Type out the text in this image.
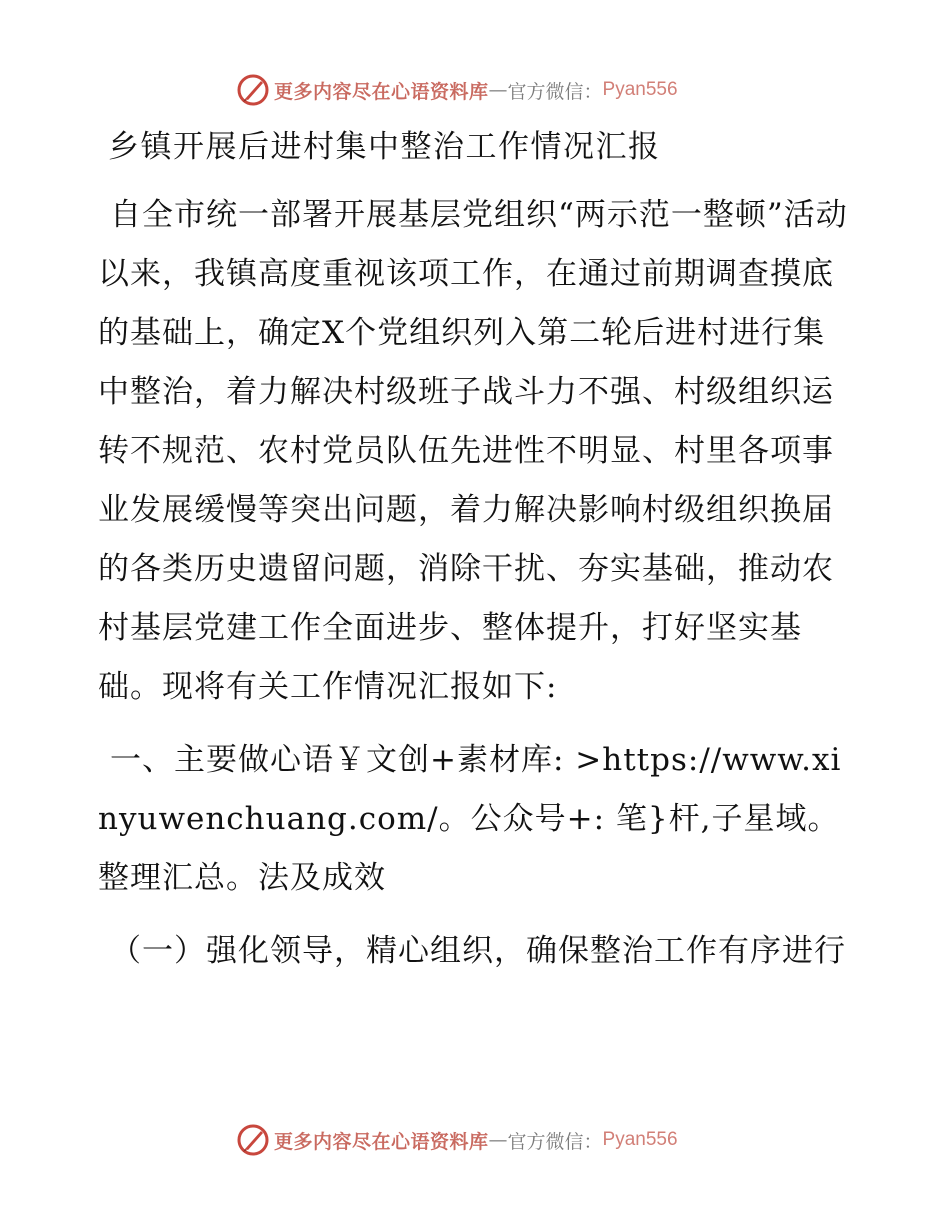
更多内容尽在心语资料库 — 官方微信： Pyan556
乡镇开展后进村集中整治工作情况汇报

自全市统一部署开展基层党组织“两示范一整顿”活动以来，我镇高度重视该项工作，在通过前期调查摸底的基础上，确定X个党组织列入第二轮后进村进行集中整治，着力解决村级班子战斗力不强、村级组织运转不规范、农村党员队伍先进性不明显、村里各项事业发展缓慢等突出问题，着力解决影响村级组织换届的各类历史遗留问题，消除干扰、夯实基础，推动农村基层党建工作全面进步、整体提升，打好坚实基础。现将有关工作情况汇报如下:

一、主要做心语￥文创+素材库: >https://www.xinyuwenchuang.com/。公众号+: 笔}杆,子星域。整理汇总。法及成效

（一）强化领导，精心组织，确保整治工作有序进行

更多内容尽在心语资料库 — 官方微信： Pyan556
